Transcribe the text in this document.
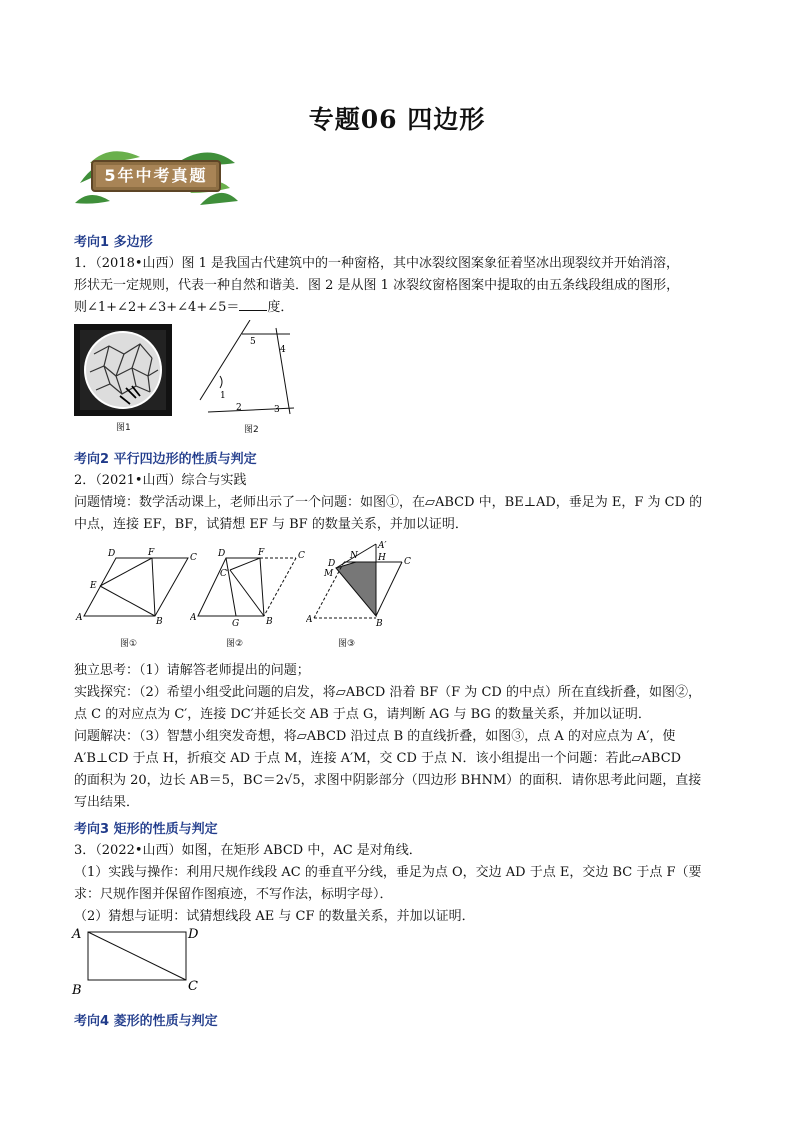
专题06 四边形
5年中考真题
考向1 多边形
1．（2018•山西）图 1 是我国古代建筑中的一种窗格，其中冰裂纹图案象征着坚冰出现裂纹并开始消溶，
形状无一定规则，代表一种自然和谐美．图 2 是从图 1 冰裂纹窗格图案中提取的由五条线段组成的图形，
则∠1+∠2+∠3+∠4+∠5＝ 度．
图1
1
2	3
4
5
图2
考向2 平行四边形的性质与判定
2．（2021•山西）综合与实践
问题情境：数学活动课上，老师出示了一个问题：如图①，在▱ABCD 中，BE⊥AD，垂足为 E，F 为 CD 的
中点，连接 EF，BF，试猜想 EF 与 BF 的数量关系，并加以证明．
A	B
C
D
E
F
图①
A	B
C
D	F
G
C′
图②
A	B
C
D
N
A′
H
M
图③
独立思考：（1）请解答老师提出的问题；
实践探究：（2）希望小组受此问题的启发，将▱ABCD 沿着 BF（F 为 CD 的中点）所在直线折叠，如图②，
点 C 的对应点为 C′，连接 DC′并延长交 AB 于点 G，请判断 AG 与 BG 的数量关系，并加以证明．
问题解决：（3）智慧小组突发奇想，将▱ABCD 沿过点 B 的直线折叠，如图③，点 A 的对应点为 A′，使
A′B⊥CD 于点 H，折痕交 AD 于点 M，连接 A′M，交 CD 于点 N．该小组提出一个问题：若此▱ABCD
的面积为 20，边长 AB＝5，BC＝2√5，求图中阴影部分（四边形 BHNM）的面积．请你思考此问题，直接
写出结果．
考向3 矩形的性质与判定
3．（2022•山西）如图，在矩形 ABCD 中，AC 是对角线．
（1）实践与操作：利用尺规作线段 AC 的垂直平分线，垂足为点 O，交边 AD 于点 E，交边 BC 于点 F（要
求：尺规作图并保留作图痕迹，不写作法，标明字母）．
（2）猜想与证明：试猜想线段 AE 与 CF 的数量关系，并加以证明．
A	D
B	C
考向4 菱形的性质与判定
